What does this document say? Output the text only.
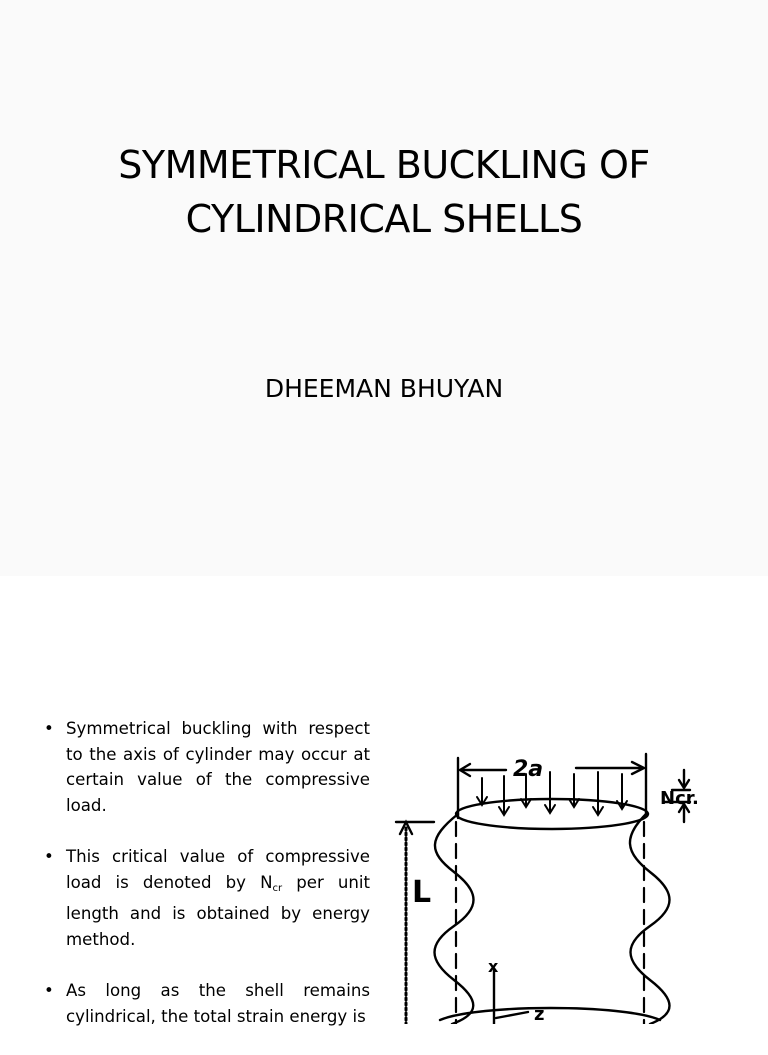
SYMMETRICAL BUCKLING OF
CYLINDRICAL SHELLS
DHEEMAN BHUYAN
• Symmetrical buckling with respect to the axis of cylinder may occur at certain value of the compressive load.
• This critical value of compressive load is denoted by $N_{cr}$ per unit length and is obtained by energy method.
• As long as the shell remains cylindrical, the total strain energy is
2a
Ncr.
L
x
z
